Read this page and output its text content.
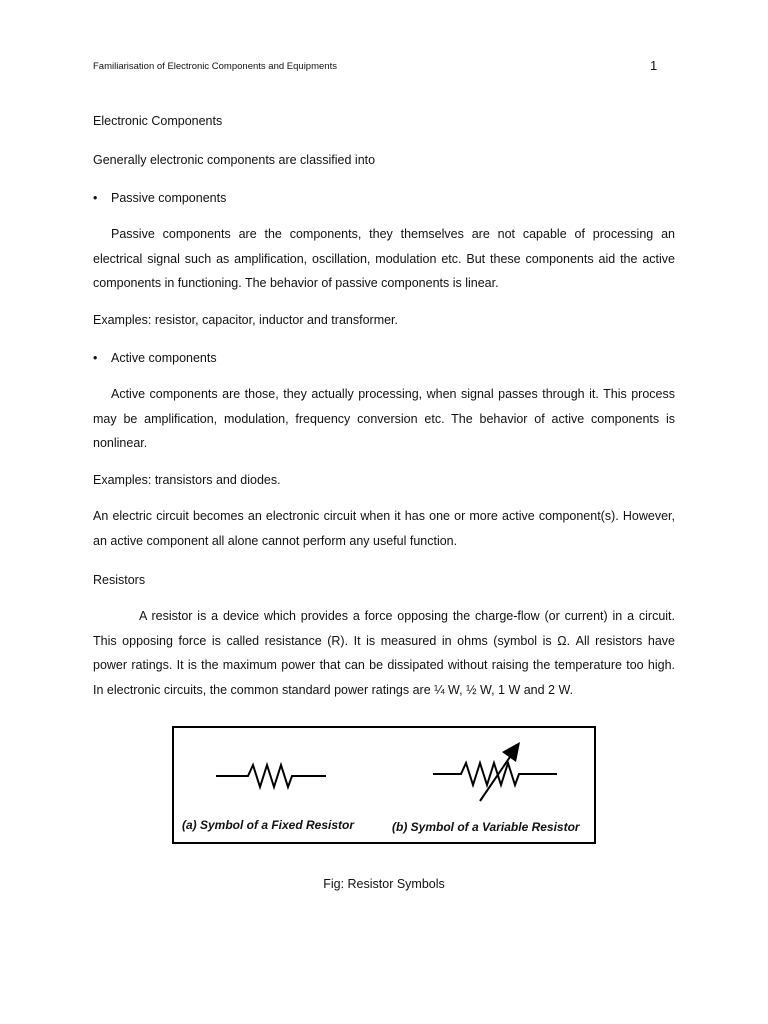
Familiarisation of Electronic Components and Equipments	1
Electronic Components
Generally electronic components are classified into
• Passive components

Passive components are the components, they themselves are not capable of processing an electrical signal such as amplification, oscillation, modulation etc. But these components aid the active components in functioning. The behavior of passive components is linear.

Examples: resistor, capacitor, inductor and transformer.
• Active components

Active components are those, they actually processing, when signal passes through it. This process may be amplification, modulation, frequency conversion etc. The behavior of active components is nonlinear.

Examples: transistors and diodes.

An electric circuit becomes an electronic circuit when it has one or more active component(s). However, an active component all alone cannot perform any useful function.

Resistors

A resistor is a device which provides a force opposing the charge-flow (or current) in a circuit. This opposing force is called resistance (R). It is measured in ohms (symbol is Ω. All resistors have power ratings. It is the maximum power that can be dissipated without raising the temperature too high. In electronic circuits, the common standard power ratings are ¼ W, ½ W, 1 W and 2 W.

(a) Symbol of a Fixed Resistor	(b) Symbol of a Variable Resistor
Fig: Resistor Symbols
